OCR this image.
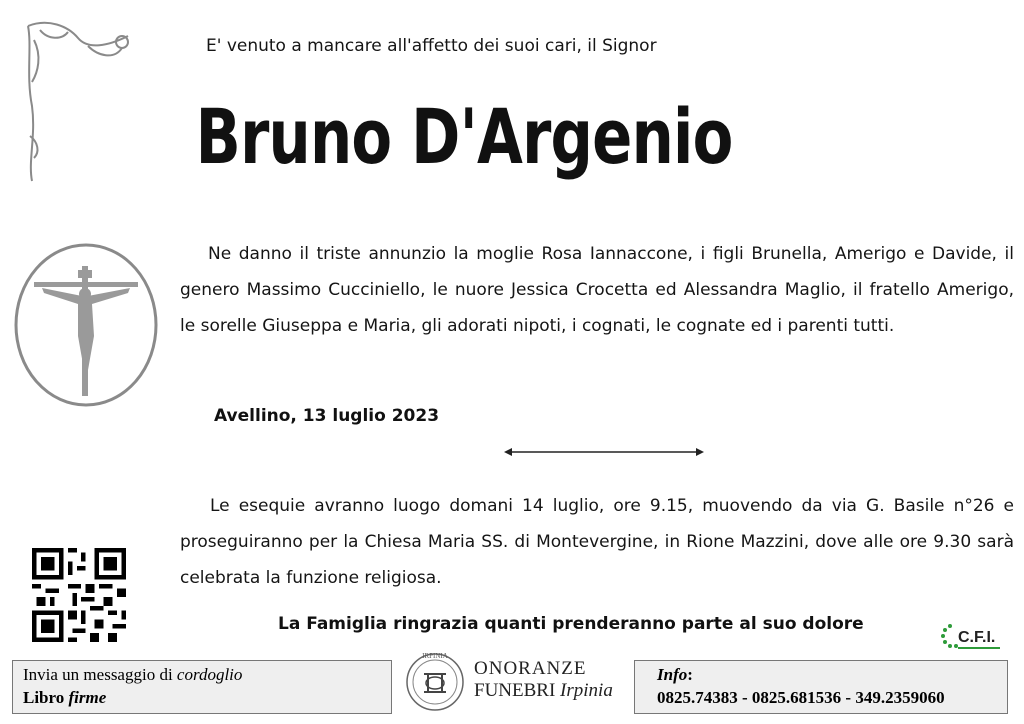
E' venuto a mancare all'affetto dei suoi cari, il Signor
Bruno D'Argenio
Ne danno il triste annunzio la moglie Rosa Iannaccone, i figli Brunella, Amerigo e Davide, il genero Massimo Cucciniello, le nuore Jessica Crocetta ed Alessandra Maglio, il fratello Amerigo, le sorelle Giuseppa e Maria, gli adorati nipoti, i cognati, le cognate ed i parenti tutti.
Avellino, 13 luglio 2023
Le esequie avranno luogo domani 14 luglio, ore 9.15, muovendo da via G. Basile n°26 e proseguiranno per la Chiesa Maria SS. di Montevergine, in Rione Mazzini, dove alle ore 9.30 sarà celebrata la funzione religiosa.
La Famiglia ringrazia quanti prenderanno parte al suo dolore
C.F.I.
Invia un messaggio di cordoglio
Libro firme
IRPINIA
ONORANZE
FUNEBRI Irpinia
Info:
0825.74383 - 0825.681536 - 349.2359060
